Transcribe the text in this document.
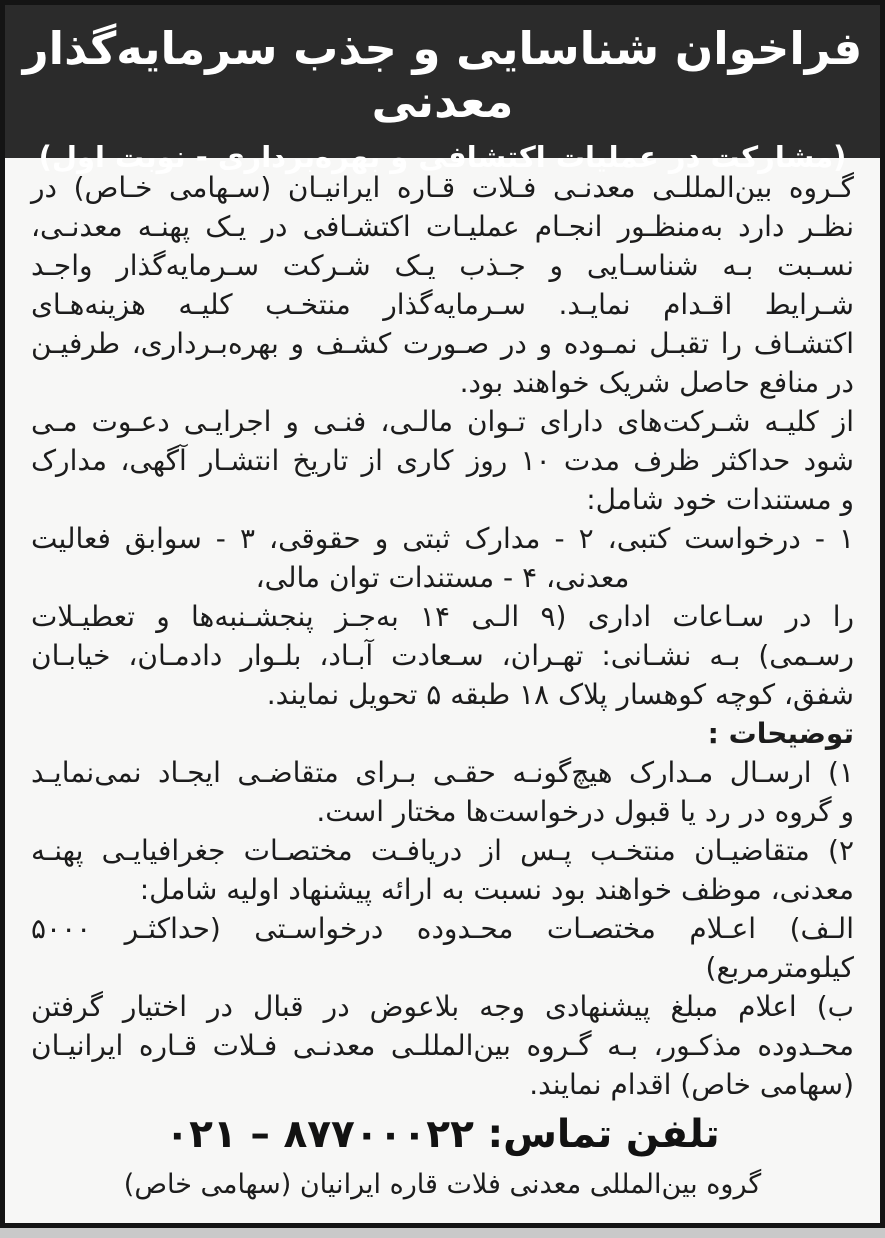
فراخوان شناسایی و جذب سرمایه‌گذار معدنی
(مشارکت در عملیات اکتشافی و بهره‌برداری - نوبت اول)
گـروه بین‌المللـی معدنـی فـلات قـاره ایرانیـان (سـهامی خـاص) در
نظـر دارد به‌منظـور انجـام عملیـات اکتشـافی در یـک پهنـه معدنـی،
نسـبت بـه شناسـایی و جـذب یـک شـرکت سـرمایه‌گذار واجـد
شـرایط اقـدام نمایـد. سـرمایه‌گذار منتخـب کلیـه هزینه‌هـای
اکتشـاف را تقبـل نمـوده و در صـورت کشـف و بهره‌بـرداری، طرفیـن
در منافع حاصل شریک خواهند بود.
از کلیـه شـرکت‌های دارای تـوان مالـی، فنـی و اجرایـی دعـوت مـی
شود حداکثر ظرف مدت ۱۰ روز کاری از تاریخ انتشـار آگهی، مدارک
و مستندات خود شامل:
۱ - درخواست کتبی، ۲ - مدارک ثبتی و حقوقی، ۳ - سوابق فعالیت
معدنی، ۴ - مستندات توان مالی،
را در سـاعات اداری (۹ الـی ۱۴ به‌جـز پنجشـنبه‌ها و تعطیـلات
رسـمی) بـه نشـانی: تهـران، سـعادت آبـاد، بلـوار دادمـان، خیابـان
شفق، کوچه کوهسار پلاک ۱۸ طبقه ۵ تحویل نمایند.
توضیحات :
۱) ارسـال مـدارک هیچ‌گونـه حقـی بـرای متقاضـی ایجـاد نمی‌نمایـد
و گروه در رد یا قبول درخواست‌ها مختار است.
۲) متقاضیـان منتخـب پـس از دریافـت مختصـات جغرافیایـی پهنـه
معدنی، موظف خواهند بود نسبت به ارائه پیشنهاد اولیه شامل:
الـف) اعـلام مختصـات محـدوده درخواسـتی (حداکثـر ۵۰۰۰
کیلومترمربع)
ب) اعلام مبلغ پیشنهادی وجه بلاعوض در قبال در اختیار گرفتن
محـدوده مذکـور، بـه گـروه بین‌المللـی معدنـی فـلات قـاره ایرانیـان
(سهامی خاص) اقدام نمایند.
تلفن تماس: ۸۷۷۰۰۰۲۲ – ۰۲۱
گروه بین‌المللی معدنی فلات قاره ایرانیان (سهامی خاص)
